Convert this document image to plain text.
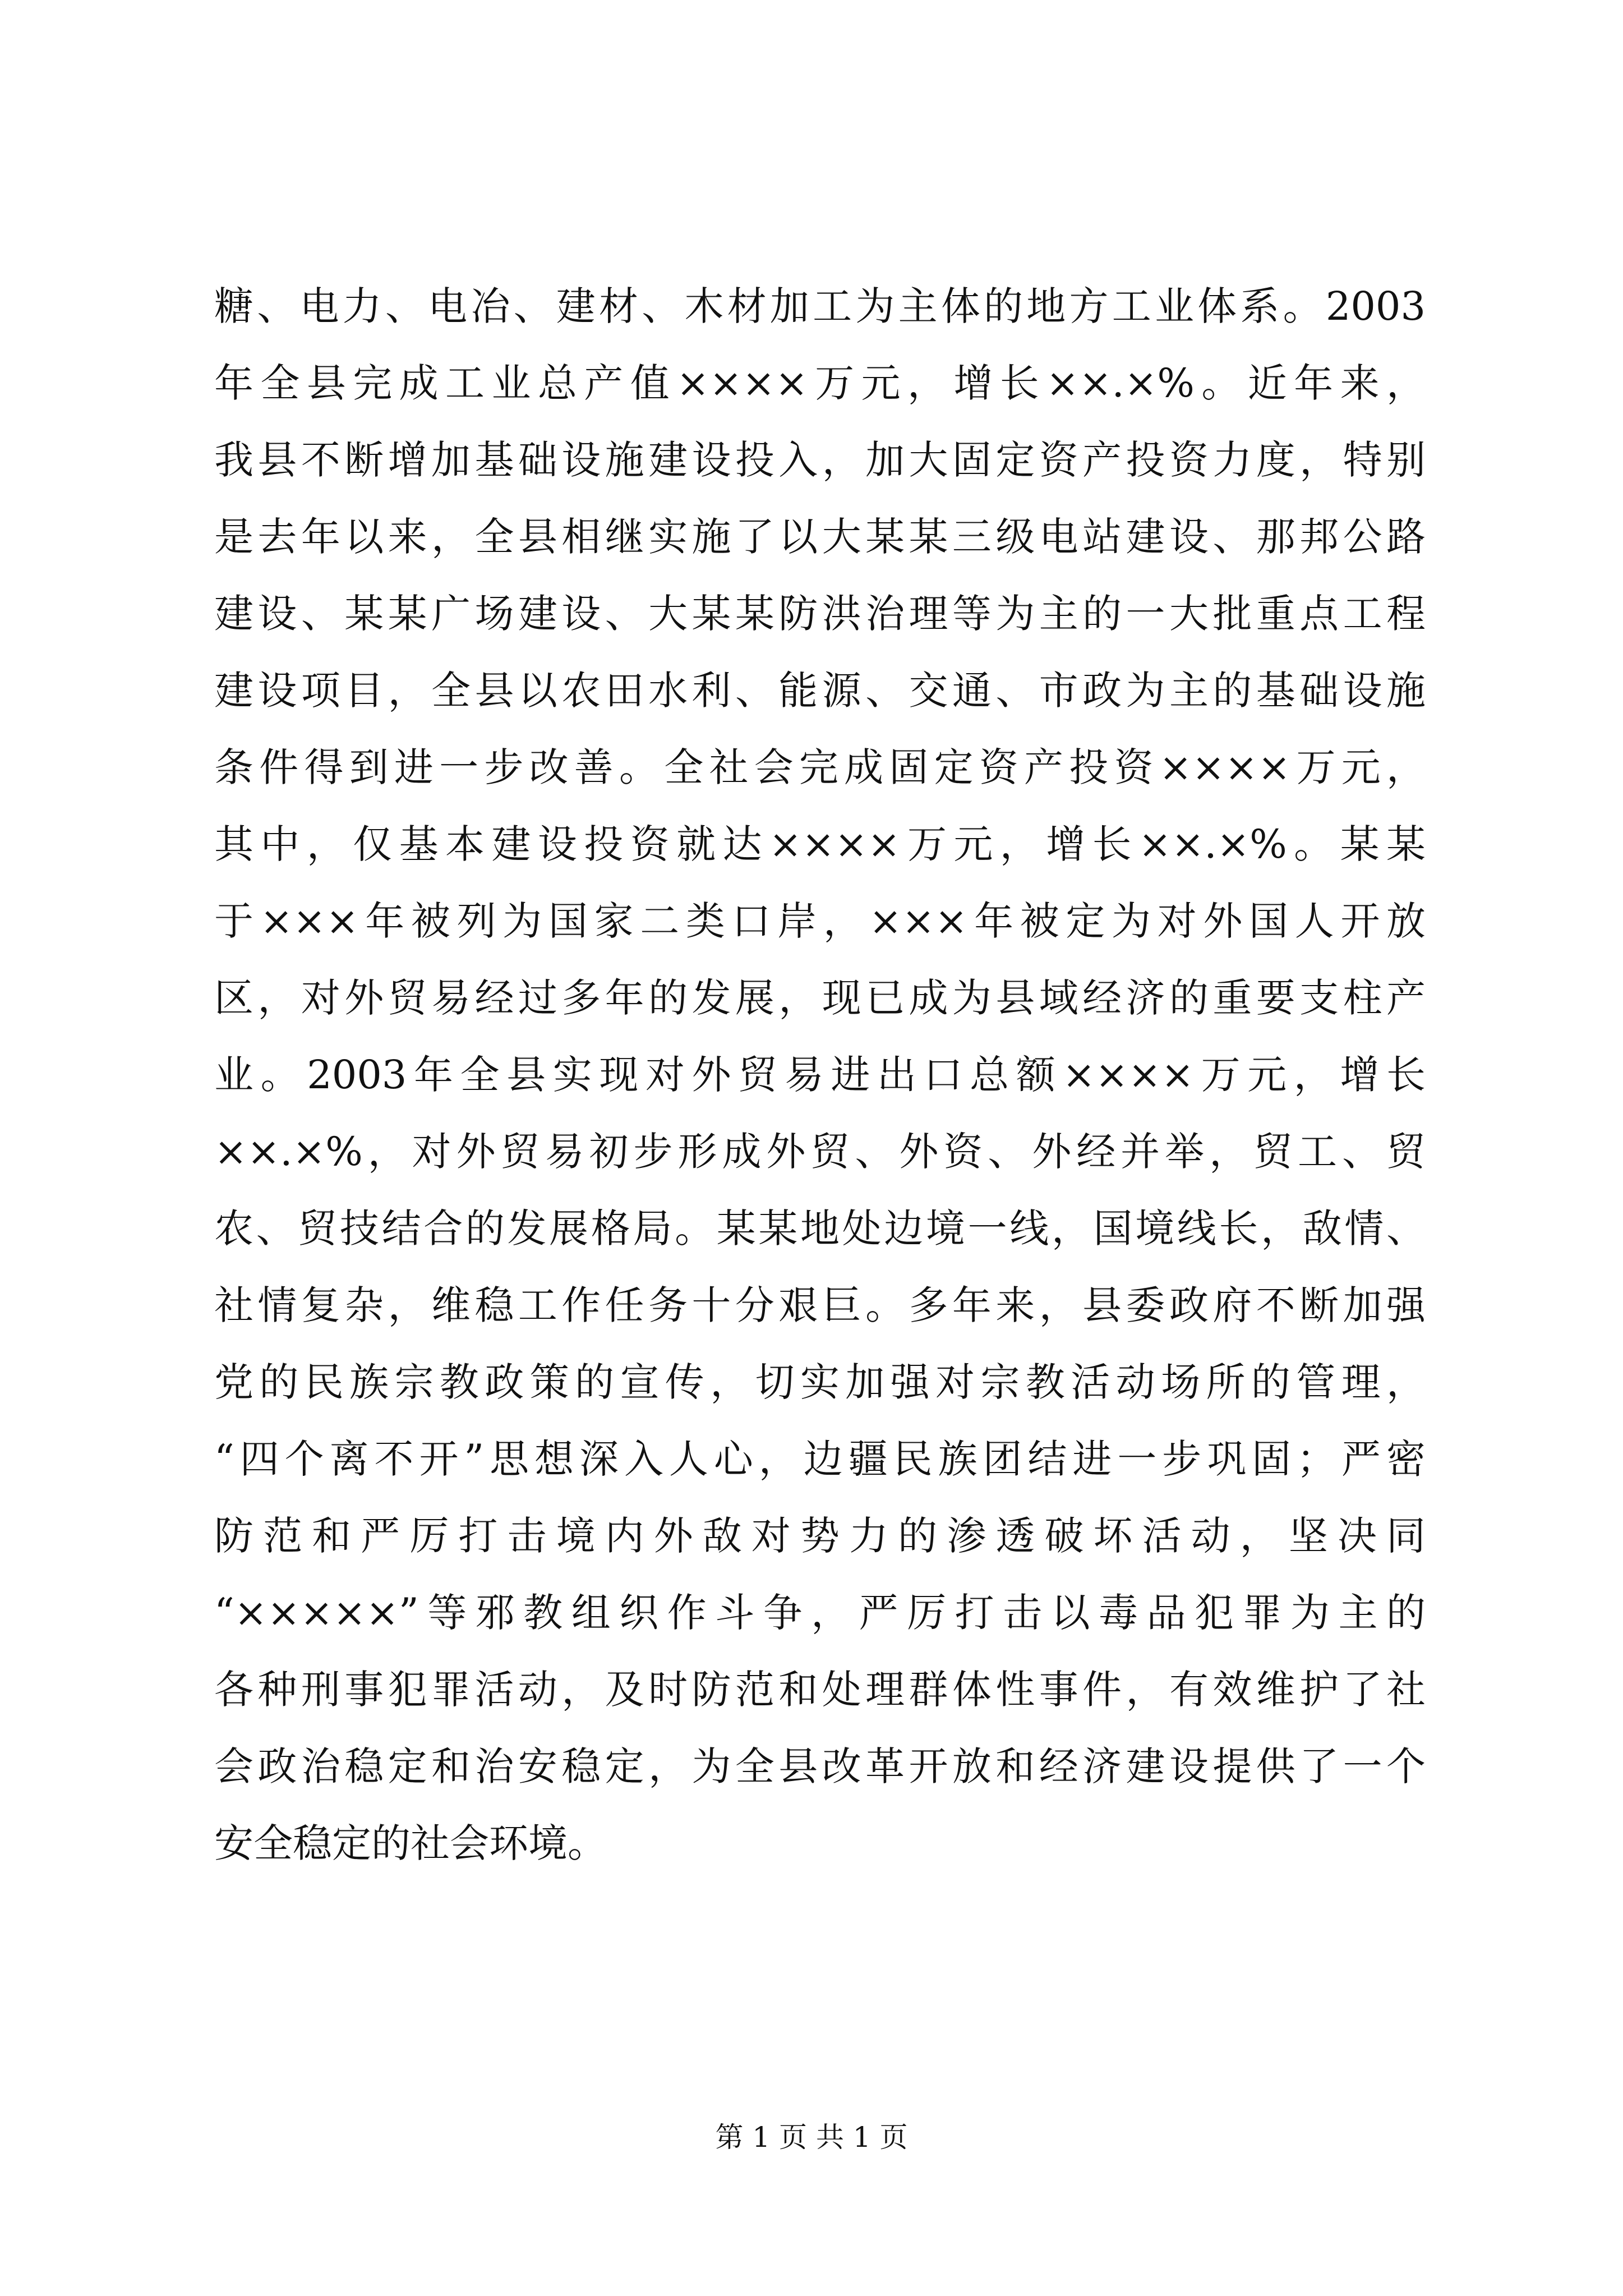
糖、电力、电冶、建材、木材加工为主体的地方工业体系。2003
年全县完成工业总产值××××万元，增长××.×%。近年来，
我县不断增加基础设施建设投入，加大固定资产投资力度，特别
是去年以来，全县相继实施了以大某某三级电站建设、那邦公路
建设、某某广场建设、大某某防洪治理等为主的一大批重点工程
建设项目，全县以农田水利、能源、交通、市政为主的基础设施
条件得到进一步改善。全社会完成固定资产投资××××万元，
其中，仅基本建设投资就达××××万元，增长××.×%。某某
于×××年被列为国家二类口岸，×××年被定为对外国人开放
区，对外贸易经过多年的发展，现已成为县域经济的重要支柱产
业。2003年全县实现对外贸易进出口总额××××万元，增长
××.×%，对外贸易初步形成外贸、外资、外经并举，贸工、贸
农、贸技结合的发展格局。某某地处边境一线，国境线长，敌情、
社情复杂，维稳工作任务十分艰巨。多年来，县委政府不断加强
党的民族宗教政策的宣传，切实加强对宗教活动场所的管理，
“四个离不开”思想深入人心，边疆民族团结进一步巩固；严密
防范和严厉打击境内外敌对势力的渗透破坏活动，坚决同
“×××××”等邪教组织作斗争，严厉打击以毒品犯罪为主的
各种刑事犯罪活动，及时防范和处理群体性事件，有效维护了社
会政治稳定和治安稳定，为全县改革开放和经济建设提供了一个
安全稳定的社会环境。
第 1 页 共 1 页
